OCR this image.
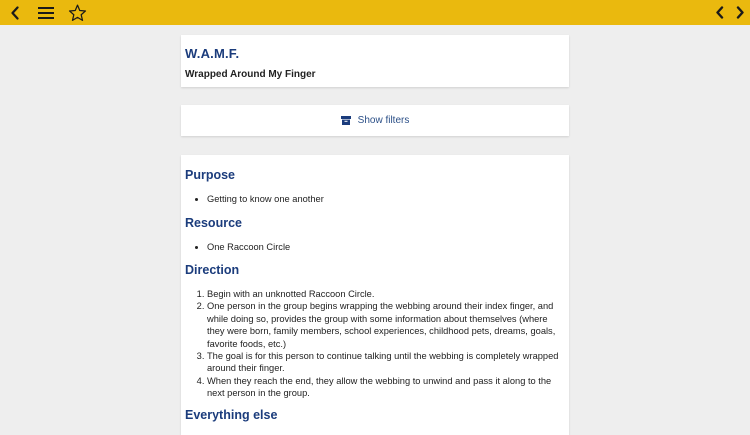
W.A.M.F.

Wrapped Around My Finger

Show filters
Purpose
• Getting to know one another
Resource
• One Raccoon Circle
Direction
1. Begin with an unknotted Raccoon Circle.
2. One person in the group begins wrapping the webbing around their index finger, and while doing so, provides the group with some information about themselves (where they were born, family members, school experiences, childhood pets, dreams, goals, favorite foods, etc.)
3. The goal is for this person to continue talking until the webbing is completely wrapped around their finger.
4. When they reach the end, they allow the webbing to unwind and pass it along to the next person in the group.
Everything else
